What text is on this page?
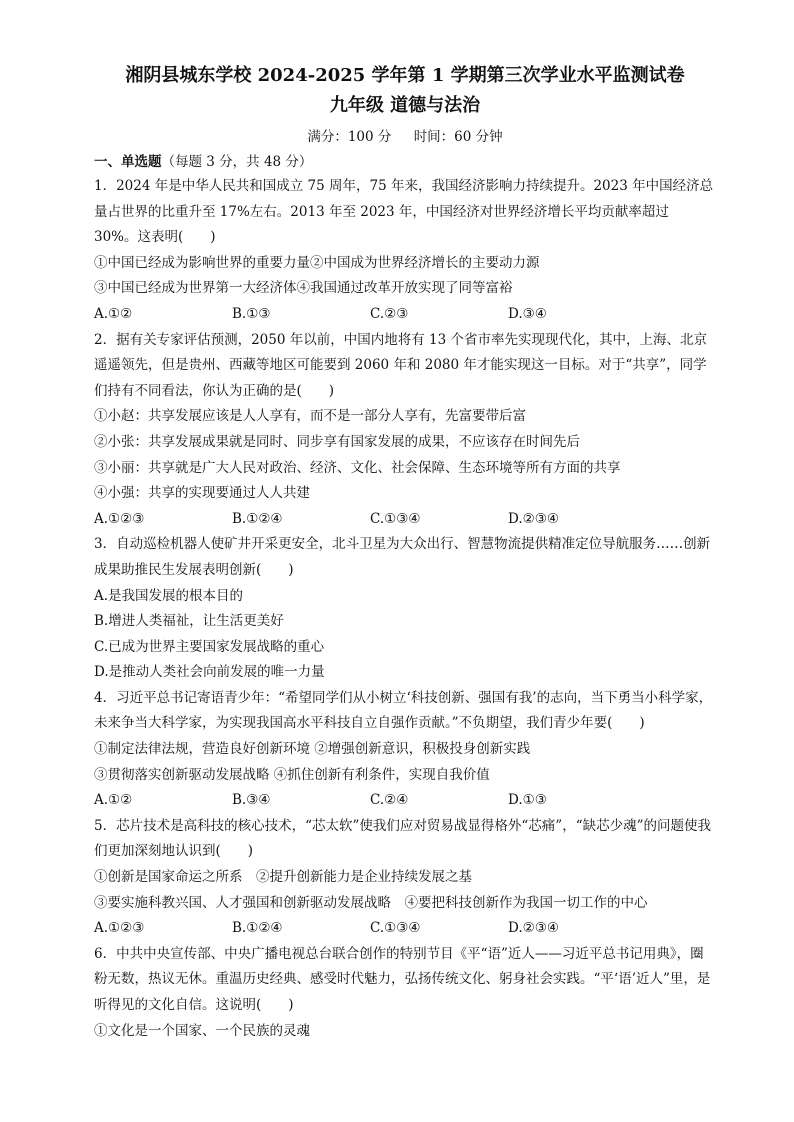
湘阴县城东学校 2024-2025 学年第 1 学期第三次学业水平监测试卷
九年级 道德与法治
满分：100 分 时间：60 分钟

一、单选题（每题 3 分，共 48 分）

1．2024 年是中华人民共和国成立 75 周年，75 年来，我国经济影响力持续提升。2023 年中国经济总量占世界的比重升至 17%左右。2013 年至 2023 年，中国经济对世界经济增长平均贡献率超过 30%。这表明(　　)

①中国已经成为影响世界的重要力量②中国成为世界经济增长的主要动力源

③中国已经成为世界第一大经济体④我国通过改革开放实现了同等富裕

A.①②	B.①③	C.②③	D.③④

2．据有关专家评估预测，2050 年以前，中国内地将有 13 个省市率先实现现代化，其中，上海、北京遥遥领先，但是贵州、西藏等地区可能要到 2060 年和 2080 年才能实现这一目标。对于“共享”，同学们持有不同看法，你认为正确的是(　　)

①小赵：共享发展应该是人人享有，而不是一部分人享有，先富要带后富

②小张：共享发展成果就是同时、同步享有国家发展的成果，不应该存在时间先后

③小丽：共享就是广大人民对政治、经济、文化、社会保障、生态环境等所有方面的共享

④小强：共享的实现要通过人人共建

A.①②③	B.①②④	C.①③④	D.②③④

3．自动巡检机器人使矿井开采更安全，北斗卫星为大众出行、智慧物流提供精准定位导航服务……创新成果助推民生发展表明创新(　　)

A.是我国发展的根本目的
B.增进人类福祉，让生活更美好
C.已成为世界主要国家发展战略的重心
D.是推动人类社会向前发展的唯一力量

4．习近平总书记寄语青少年：“希望同学们从小树立‘科技创新、强国有我’的志向，当下勇当小科学家，未来争当大科学家，为实现我国高水平科技自立自强作贡献。”不负期望，我们青少年要(　　)

①制定法律法规，营造良好创新环境 ②增强创新意识，积极投身创新实践

③贯彻落实创新驱动发展战略 ④抓住创新有利条件，实现自我价值

A.①②	B.③④	C.②④	D.①③

5．芯片技术是高科技的核心技术，“芯太软”使我们应对贸易战显得格外“芯痛”，“缺芯少魂”的问题使我们更加深刻地认识到(　　)

①创新是国家命运之所系　②提升创新能力是企业持续发展之基

③要实施科教兴国、人才强国和创新驱动发展战略　④要把科技创新作为我国一切工作的中心

A.①②③	B.①②④	C.①③④	D.②③④

6．中共中央宣传部、中央广播电视总台联合创作的特别节目《平“语”近人——习近平总书记用典》，圈粉无数，热议无休。重温历史经典、感受时代魅力，弘扬传统文化、躬身社会实践。“平‘语’近人”里，是听得见的文化自信。这说明(　　)

①文化是一个国家、一个民族的灵魂
